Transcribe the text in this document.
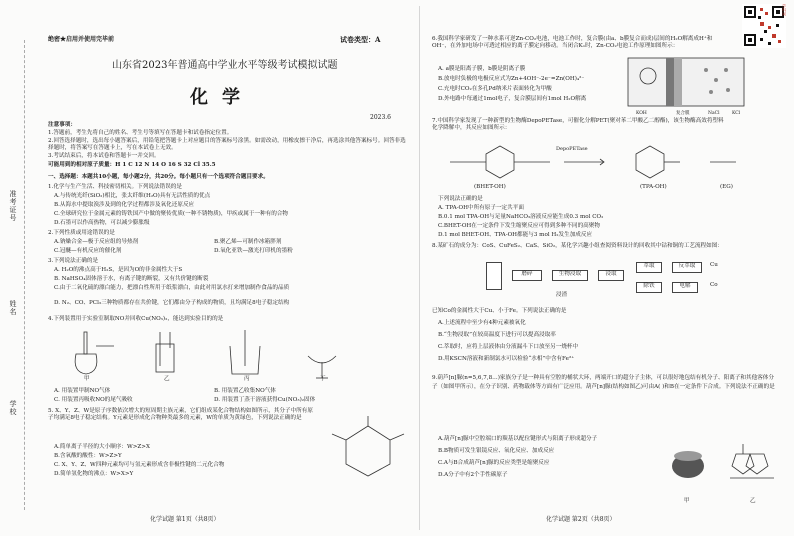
准考证号
姓名
学校
绝密★启用并使用完毕前	试卷类型：A
山东省2023年普通高中学业水平等级考试模拟试题
化学
2023.6
注意事项：
1.答题前，考生先将自己的姓名、考生号等填写在答题卡和试卷指定位置。
2.回答选择题时，选出每小题答案后，用铅笔把答题卡上对应题目的答案标号涂黑。如需改动，用橡皮擦干净后，再选涂其他答案标号。回答非选择题时，将答案写在答题卡上，写在本试卷上无效。
3.考试结束后，将本试卷和答题卡一并交回。
可能用到的相对原子质量：H 1 C 12 N 14 O 16 S 32 Cl 35.5
一、选择题：本题共10小题，每小题2分，共20分。每小题只有一个选项符合题目要求。
1.化学与生产生活、科技密切相关。下列说法错误的是
A.与传统光纤(SiO₂)相比，张太纤维(H₂O)具有无活性质的优点
B.从海水中提取溴涉及到的化学过程都涉及氧化还原反应
C.全球研究位于金属元素的铸铁国产中做的聚传优质(一种不锈物质)，甲疾或属于一种有的合物
D.石墨可以作高热物，可以减少膨胀级
2.下列性质或用途错误的是
A.钠燥合金—极于反应组的导热剂	B.聚乙烯—可制作冰箱胖剂
C.冠醚—有机反应的催化剂	D.氧化亚铁—激光打印机的墨粉
3.下列说法正确的是
A. H₂O的沸点高于H₂S，是因为O的非金属性大于S
B. NaHSO₄固体溶于水，有离子键的断裂，又有共价键的断裂
C.由于二氧化硫的漂白能力，把漂白性所用于纸浆漂白，由此对用氯水打来增加制作食品的品质
D. N₂、CO、PCl₃三种物质都存在共价键，它们都由分子构成的物质，且均满足8电子稳定结构
4.下列装置用于实验室制取NO并回收Cu(NO₃)₂，能达到实验目的的是
甲	乙	丙	丁
A. 用装置甲制NO气体	B. 用装置乙收集NO气体
C. 用装置丙吸收NO的尾气吸收	D. 用装置丁蒸干溶液获得Cu(NO₃)₂固体
5. X、Y、Z、W是原子序数依次增大的短周期主族元素，它们组成某化合物结构如图所示，其分子中所有原子均满足8电子稳定结构。Y元素是形成化合物种类最多的元素，W的单质为黄绿色，下列说法正确的是
A.简单离子半径的大小顺序：W>Z>X
B.含氧酸的酸性：W>Z>Y
C. X、Y、Z、W四种元素均可与氢元素形成含非极性键的二元化合物
D.简单氢化物的沸点：W>X>Y
化学试题 第1页（共8页）
6.我国科学家研发了一种水系可逆Zn-CO₂电池，电池工作时，复合膜(由a、b膜复合而成)层间的H₂O解离成H⁺和OH⁻，在外加电场中可透过相应的离子膜定向移动。当闭合K₁时，Zn-CO₂电池工作原理如图所示：
A. a膜是阳离子膜，b膜是阴离子膜
B.放电时负极的电极反应式为Zn+4OH⁻-2e⁻=Zn(OH)₄²⁻
C.充电时CO₂在多孔Pd纳米片表面转化为甲酸
D.外电路中每通过1mol电子，复合膜层间有1mol H₂O解离
KOH	复合膜	NaCl	KCl
7.中国科学家发现了一种新型的生物酶DepoPETase，可催化分解PET(聚对苯二甲酸乙二醇酯)，该生物酶高效将塑料化学降解中，其反应如图所示：
DepoPETase
(BHET-OH)	(TPA-OH)	(EG)
下列说法正确的是
A. TPA-OH中所有原子一定共平面
B.0.1 mol TPA-OH与足量NaHCO₃溶液反应能生成0.3 mol CO₂
C.BHET-OH在一定条件下发生缩聚反应可得到多种不同的高聚物
D.1 mol BHET-OH、TPA-OH都能与3 mol H₂发生加成反应
8.某矿石的成分为：CoS、CuFeS₂、CaS、SiO₂，某化学兴趣小组查阅资料设计的回收其中钴和铜的工艺流程如图：
磨碎	生物浸取	浸取
浸渣
萃取	反萃取	Cu
除铁	电解	Co
已知Co的金属性大于Cu、小于Fe。下列说法正确的是
A.上述流程中至少有4种元素被氧化
B.“生物浸取”在较高温度下进行可以提高浸取率
C.萃取时，应将上层液体由分液漏斗下口放至另一烧杯中
D.用KSCN溶液和新制氯水可以检验“水相”中含有Fe²⁺
9.葫芦[n]脲(n=5,6,7,8…)家族分子是一种具有空腔的桶状大环，两端开口的超分子主体，可以很好地包结有机分子、阳离子和其他客体分子（如图甲所示），在分子识别、药物载体等方面有广泛应用。葫芦[n]脲(结构如图乙)可由A( )和B在一定条件下合成。下列说法不正确的是
A.葫芦[n]脲中空腔端口的羰基以配位键形式与阳离子形成超分子
B.B物质可发生银镜反应、氧化反应、加成反应
C.A与B合成葫芦[n]脲的反应类型是缩聚反应
D.A分子中有2个手性碳原子
甲	乙
化学试题 第2页（共8页）
学科网
